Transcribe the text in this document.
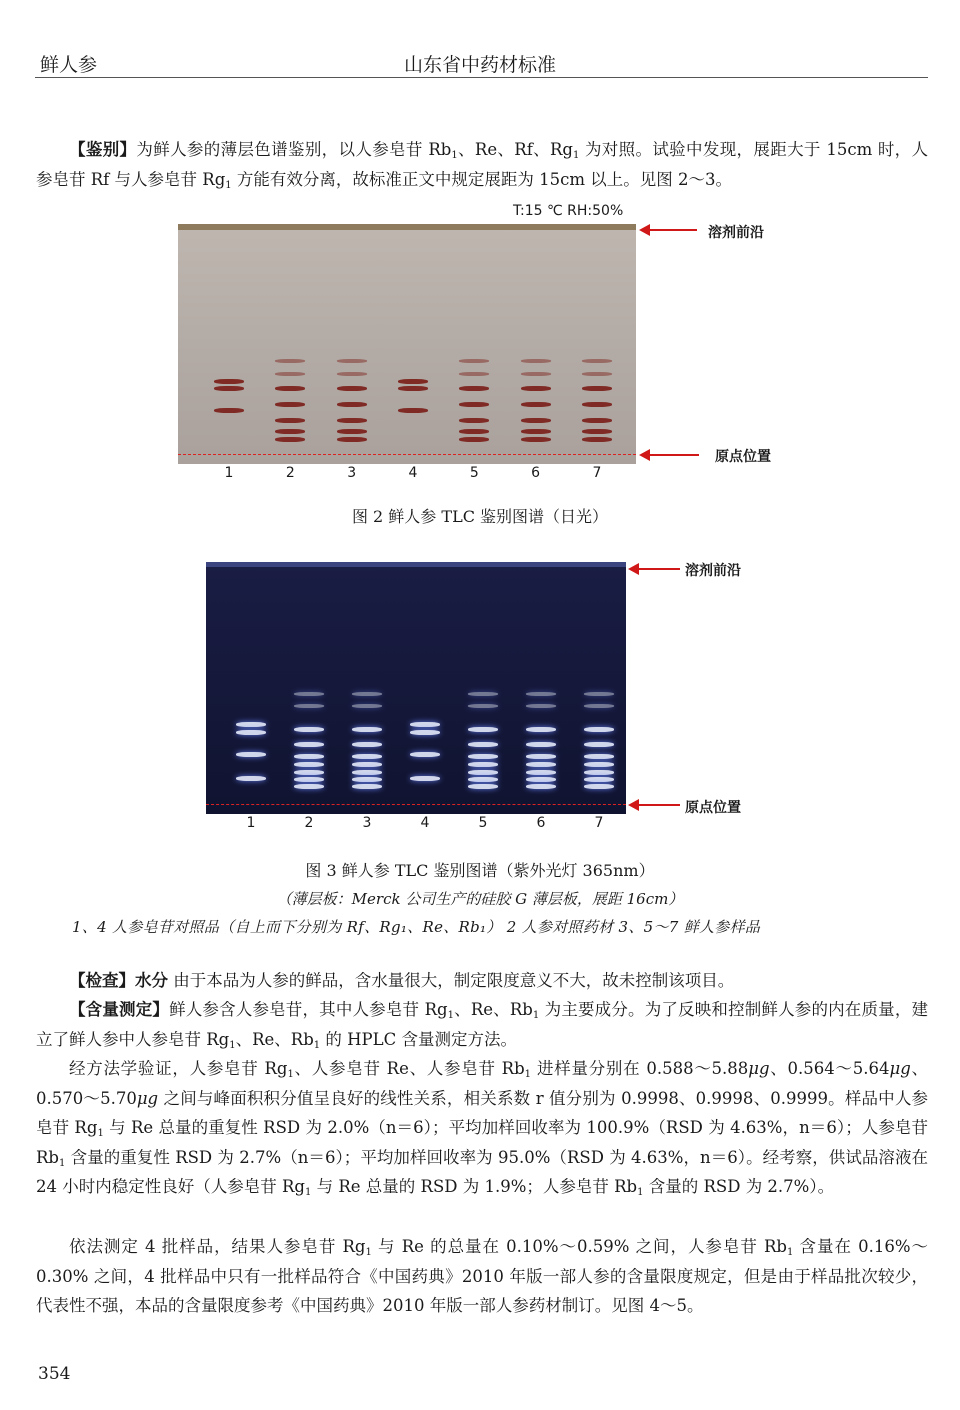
鲜人参	山东省中药材标准

【鉴别】为鲜人参的薄层色谱鉴别，以人参皂苷 $Rb_1$、Re、Rf、$Rg_1$ 为对照。试验中发现，展距大于 15cm 时，人参皂苷 Rf 与人参皂苷 $Rg_1$ 方能有效分离，故标准正文中规定展距为 15cm 以上。见图 2～3。

T:15 ℃ RH:50%
溶剂前沿
原点位置
1	2	3	4	5	6	7
图 2 鲜人参 TLC 鉴别图谱（日光）
溶剂前沿
原点位置
1	2	3	4	5	6	7
图 3 鲜人参 TLC 鉴别图谱（紫外光灯 365nm）
（薄层板：Merck 公司生产的硅胶 G 薄层板，展距 16cm）
1、4 人参皂苷对照品（自上而下分别为 Rf、Rg₁、Re、Rb₁） 2 人参对照药材 3、5～7 鲜人参样品

【检查】水分 由于本品为人参的鲜品，含水量很大，制定限度意义不大，故未控制该项目。

【含量测定】鲜人参含人参皂苷，其中人参皂苷 $Rg_1$、Re、$Rb_1$ 为主要成分。为了反映和控制鲜人参的内在质量，建立了鲜人参中人参皂苷 $Rg_1$、Re、$Rb_1$ 的 HPLC 含量测定方法。

经方法学验证，人参皂苷 $Rg_1$、人参皂苷 Re、人参皂苷 $Rb_1$ 进样量分别在 0.588～5.88μg、0.564～5.64μg、0.570～5.70μg 之间与峰面积积分值呈良好的线性关系，相关系数 r 值分别为 0.9998、0.9998、0.9999。样品中人参皂苷 $Rg_1$ 与 Re 总量的重复性 RSD 为 2.0%（n＝6）；平均加样回收率为 100.9%（RSD 为 4.63%，n＝6）；人参皂苷 $Rb_1$ 含量的重复性 RSD 为 2.7%（n＝6）；平均加样回收率为 95.0%（RSD 为 4.63%，n＝6）。经考察，供试品溶液在 24 小时内稳定性良好（人参皂苷 $Rg_1$ 与 Re 总量的 RSD 为 1.9%；人参皂苷 $Rb_1$ 含量的 RSD 为 2.7%）。

依法测定 4 批样品，结果人参皂苷 $Rg_1$ 与 Re 的总量在 0.10%～0.59% 之间，人参皂苷 $Rb_1$ 含量在 0.16%～0.30% 之间，4 批样品中只有一批样品符合《中国药典》2010 年版一部人参的含量限度规定，但是由于样品批次较少，代表性不强，本品的含量限度参考《中国药典》2010 年版一部人参药材制订。见图 4～5。

354
